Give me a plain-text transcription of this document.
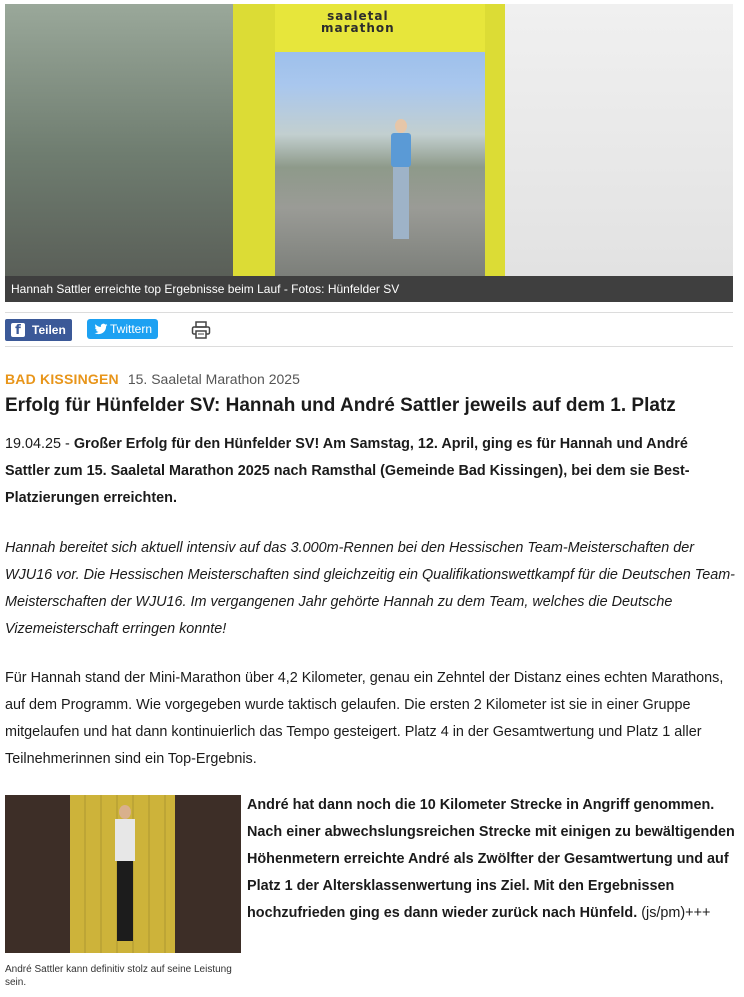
saaletal
marathon
Hannah Sattler erreichte top Ergebnisse beim Lauf - Fotos: Hünfelder SV
f Teilen	Twittern
BAD KISSINGEN 15. Saaletal Marathon 2025
Erfolg für Hünfelder SV: Hannah und André Sattler jeweils auf dem 1. Platz

19.04.25 - Großer Erfolg für den Hünfelder SV! Am Samstag, 12. April, ging es für Hannah und André Sattler zum 15. Saaletal Marathon 2025 nach Ramsthal (Gemeinde Bad Kissingen), bei dem sie Best-Platzierungen erreichten.

Hannah bereitet sich aktuell intensiv auf das 3.000m-Rennen bei den Hessischen Team-Meisterschaften der WJU16 vor. Die Hessischen Meisterschaften sind gleichzeitig ein Qualifikationswettkampf für die Deutschen Team-Meisterschaften der WJU16. Im vergangenen Jahr gehörte Hannah zu dem Team, welches die Deutsche Vizemeisterschaft erringen konnte!

Für Hannah stand der Mini-Marathon über 4,2 Kilometer, genau ein Zehntel der Distanz eines echten Marathons, auf dem Programm. Wie vorgegeben wurde taktisch gelaufen. Die ersten 2 Kilometer ist sie in einer Gruppe mitgelaufen und hat dann kontinuierlich das Tempo gesteigert. Platz 4 in der Gesamtwertung und Platz 1 aller Teilnehmerinnen sind ein Top-Ergebnis.

André Sattler kann definitiv stolz auf seine Leistung sein.

André hat dann noch die 10 Kilometer Strecke in Angriff genommen. Nach einer abwechslungsreichen Strecke mit einigen zu bewältigenden Höhenmetern erreichte André als Zwölfter der Gesamtwertung und auf Platz 1 der Altersklassenwertung ins Ziel. Mit den Ergebnissen hochzufrieden ging es dann wieder zurück nach Hünfeld. (js/pm)+++
